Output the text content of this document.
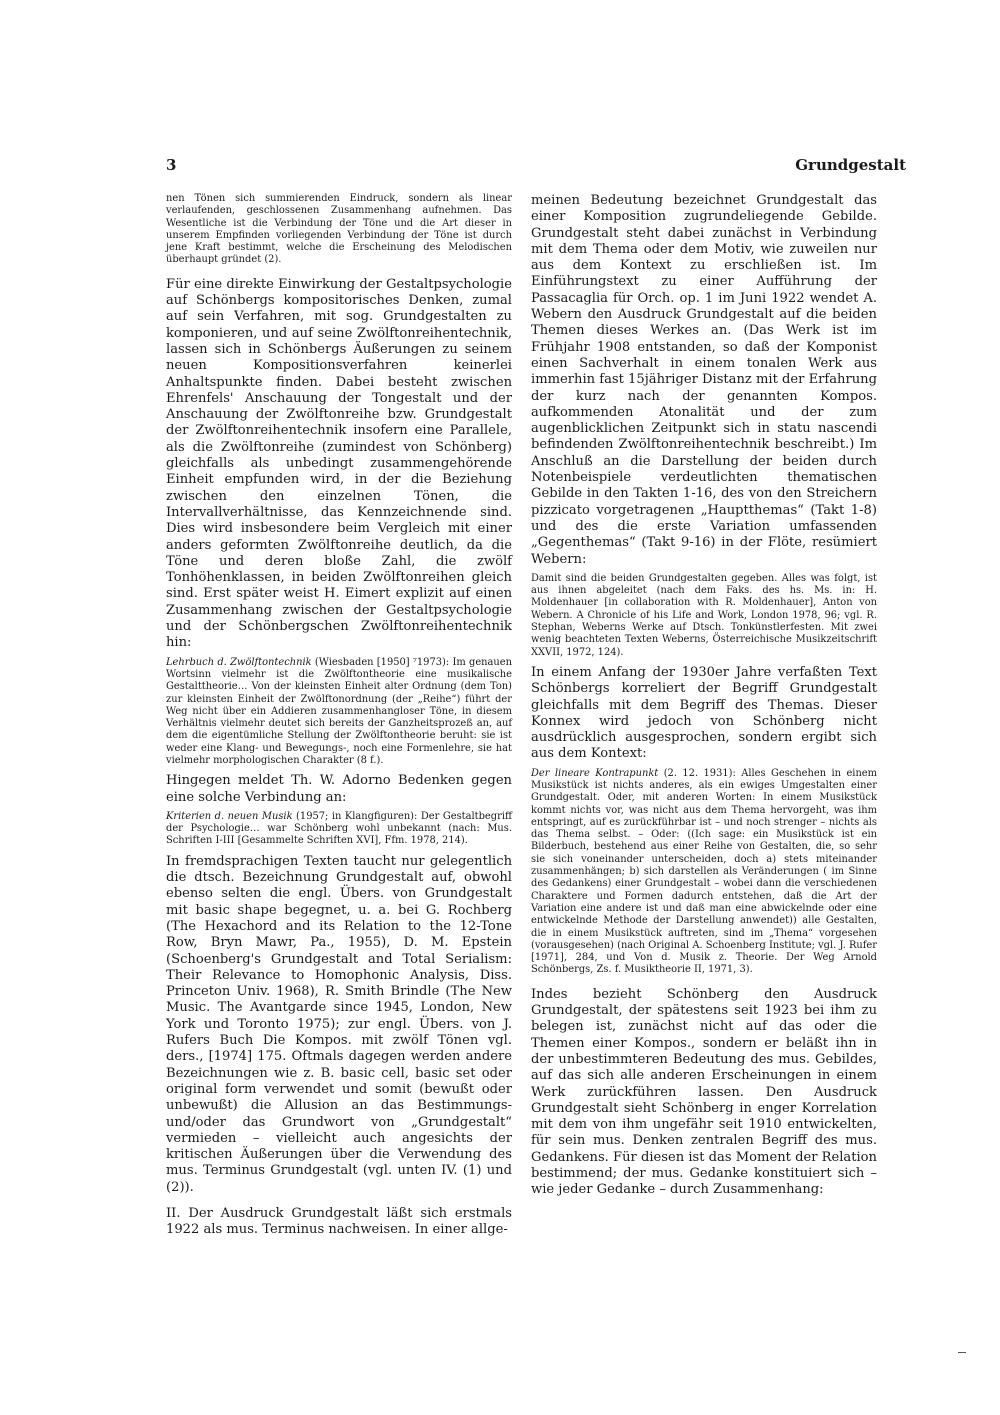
3	Grundgestalt

nen Tönen sich summierenden Eindruck, sondern als linear verlaufenden, geschlossenen Zusammenhang aufnehmen. Das Wesentliche ist die Verbindung der Töne und die Art dieser in unserem Empfinden vorliegenden Verbindung der Töne ist durch jene Kraft bestimmt, welche die Erscheinung des Melodischen überhaupt gründet (2).

Für eine direkte Einwirkung der Gestaltpsychologie auf Schönbergs kompositorisches Denken, zumal auf sein Verfahren, mit sog. Grundgestalten zu komponieren, und auf seine Zwölftonreihentechnik, lassen sich in Schönbergs Äußerungen zu seinem neuen Kompositionsverfahren keinerlei Anhaltspunkte finden. Dabei besteht zwischen Ehrenfels' Anschauung der Tongestalt und der Anschauung der Zwölftonreihe bzw. Grundgestalt der Zwölftonreihentechnik insofern eine Parallele, als die Zwölftonreihe (zumindest von Schönberg) gleichfalls als unbedingt zusammengehörende Einheit empfunden wird, in der die Beziehung zwischen den einzelnen Tönen, die Intervallverhältnisse, das Kennzeichnende sind. Dies wird insbesondere beim Vergleich mit einer anders geformten Zwölftonreihe deutlich, da die Töne und deren bloße Zahl, die zwölf Tonhöhenklassen, in beiden Zwölftonreihen gleich sind. Erst später weist H. Eimert explizit auf einen Zusammenhang zwischen der Gestaltpsychologie und der Schönbergschen Zwölftonreihentechnik hin:

Lehrbuch d. Zwölftontechnik (Wiesbaden [1950] ⁷1973): Im genauen Wortsinn vielmehr ist die Zwölftontheorie eine musikalische Gestalttheorie… Von der kleinsten Einheit alter Ordnung (dem Ton) zur kleinsten Einheit der Zwölftonordnung (der „Reihe“) führt der Weg nicht über ein Addieren zusammenhangloser Töne, in diesem Verhältnis vielmehr deutet sich bereits der Ganzheitsprozeß an, auf dem die eigentümliche Stellung der Zwölftontheorie beruht: sie ist weder eine Klang- und Bewegungs-, noch eine Formenlehre, sie hat vielmehr morphologischen Charakter (8 f.).

Hingegen meldet Th. W. Adorno Bedenken gegen eine solche Verbindung an:

Kriterien d. neuen Musik (1957; in Klangfiguren): Der Gestaltbegriff der Psychologie… war Schönberg wohl unbekannt (nach: Mus. Schriften I-III [Gesammelte Schriften XVI], Ffm. 1978, 214).

In fremdsprachigen Texten taucht nur gelegentlich die dtsch. Bezeichnung Grundgestalt auf, obwohl ebenso selten die engl. Übers. von Grundgestalt mit basic shape begegnet, u. a. bei G. Rochberg (The Hexachord and its Relation to the 12-Tone Row, Bryn Mawr, Pa., 1955), D. M. Epstein (Schoenberg's Grundgestalt and Total Serialism: Their Relevance to Homophonic Analysis, Diss. Princeton Univ. 1968), R. Smith Brindle (The New Music. The Avantgarde since 1945, London, New York und Toronto 1975); zur engl. Übers. von J. Rufers Buch Die Kompos. mit zwölf Tönen vgl. ders., [1974] 175. Oftmals dagegen werden andere Bezeichnungen wie z. B. basic cell, basic set oder original form verwendet und somit (bewußt oder unbewußt) die Allusion an das Bestimmungs- und/oder das Grundwort von „Grundgestalt“ vermieden – vielleicht auch angesichts der kritischen Äußerungen über die Verwendung des mus. Terminus Grundgestalt (vgl. unten IV. (1) und (2)).

II. Der Ausdruck Grundgestalt läßt sich erstmals 1922 als mus. Terminus nachweisen. In einer allge-

meinen Bedeutung bezeichnet Grundgestalt das einer Komposition zugrundeliegende Gebilde. Grundgestalt steht dabei zunächst in Verbindung mit dem Thema oder dem Motiv, wie zuweilen nur aus dem Kontext zu erschließen ist. Im Einführungstext zu einer Aufführung der Passacaglia für Orch. op. 1 im Juni 1922 wendet A. Webern den Ausdruck Grundgestalt auf die beiden Themen dieses Werkes an. (Das Werk ist im Frühjahr 1908 entstanden, so daß der Komponist einen Sachverhalt in einem tonalen Werk aus immerhin fast 15jähriger Distanz mit der Erfahrung der kurz nach der genannten Kompos. aufkommenden Atonalität und der zum augenblicklichen Zeitpunkt sich in statu nascendi befindenden Zwölftonreihentechnik beschreibt.) Im Anschluß an die Darstellung der beiden durch Notenbeispiele verdeutlichten thematischen Gebilde in den Takten 1-16, des von den Streichern pizzicato vorgetragenen „Hauptthemas“ (Takt 1-8) und des die erste Variation umfassenden „Gegenthemas“ (Takt 9-16) in der Flöte, resümiert Webern:

Damit sind die beiden Grundgestalten gegeben. Alles was folgt, ist aus ihnen abgeleitet (nach dem Faks. des hs. Ms. in: H. Moldenhauer [in collaboration with R. Moldenhauer], Anton von Webern. A Chronicle of his Life and Work, London 1978, 96; vgl. R. Stephan, Weberns Werke auf Dtsch. Tonkünstlerfesten. Mit zwei wenig beachteten Texten Weberns, Österreichische Musikzeitschrift XXVII, 1972, 124).

In einem Anfang der 1930er Jahre verfaßten Text Schönbergs korreliert der Begriff Grundgestalt gleichfalls mit dem Begriff des Themas. Dieser Konnex wird jedoch von Schönberg nicht ausdrücklich ausgesprochen, sondern ergibt sich aus dem Kontext:

Der lineare Kontrapunkt (2. 12. 1931): Alles Geschehen in einem Musikstück ist nichts anderes, als ein ewiges Umgestalten einer Grundgestalt. Oder, mit anderen Worten: In einem Musikstück kommt nichts vor, was nicht aus dem Thema hervorgeht, was ihm entspringt, auf es zurückführbar ist – und noch strenger – nichts als das Thema selbst. – Oder: ((Ich sage: ein Musikstück ist ein Bilderbuch, bestehend aus einer Reihe von Gestalten, die, so sehr sie sich voneinander unterscheiden, doch a) stets miteinander zusammenhängen; b) sich darstellen als Veränderungen ( im Sinne des Gedankens) einer Grundgestalt – wobei dann die verschiedenen Charaktere und Formen dadurch entstehen, daß die Art der Variation eine andere ist und daß man eine abwickelnde oder eine entwickelnde Methode der Darstellung anwendet)) alle Gestalten, die in einem Musikstück auftreten, sind im „Thema“ vorgesehen (vorausgesehen) (nach Original A. Schoenberg Institute; vgl. J. Rufer [1971], 284, und Von d. Musik z. Theorie. Der Weg Arnold Schönbergs, Zs. f. Musiktheorie II, 1971, 3).

Indes bezieht Schönberg den Ausdruck Grundgestalt, der spätestens seit 1923 bei ihm zu belegen ist, zunächst nicht auf das oder die Themen einer Kompos., sondern er beläßt ihn in der unbestimmteren Bedeutung des mus. Gebildes, auf das sich alle anderen Erscheinungen in einem Werk zurückführen lassen. Den Ausdruck Grundgestalt sieht Schönberg in enger Korrelation mit dem von ihm ungefähr seit 1910 entwickelten, für sein mus. Denken zentralen Begriff des mus. Gedankens. Für diesen ist das Moment der Relation bestimmend; der mus. Gedanke konstituiert sich – wie jeder Gedanke – durch Zusammenhang:
